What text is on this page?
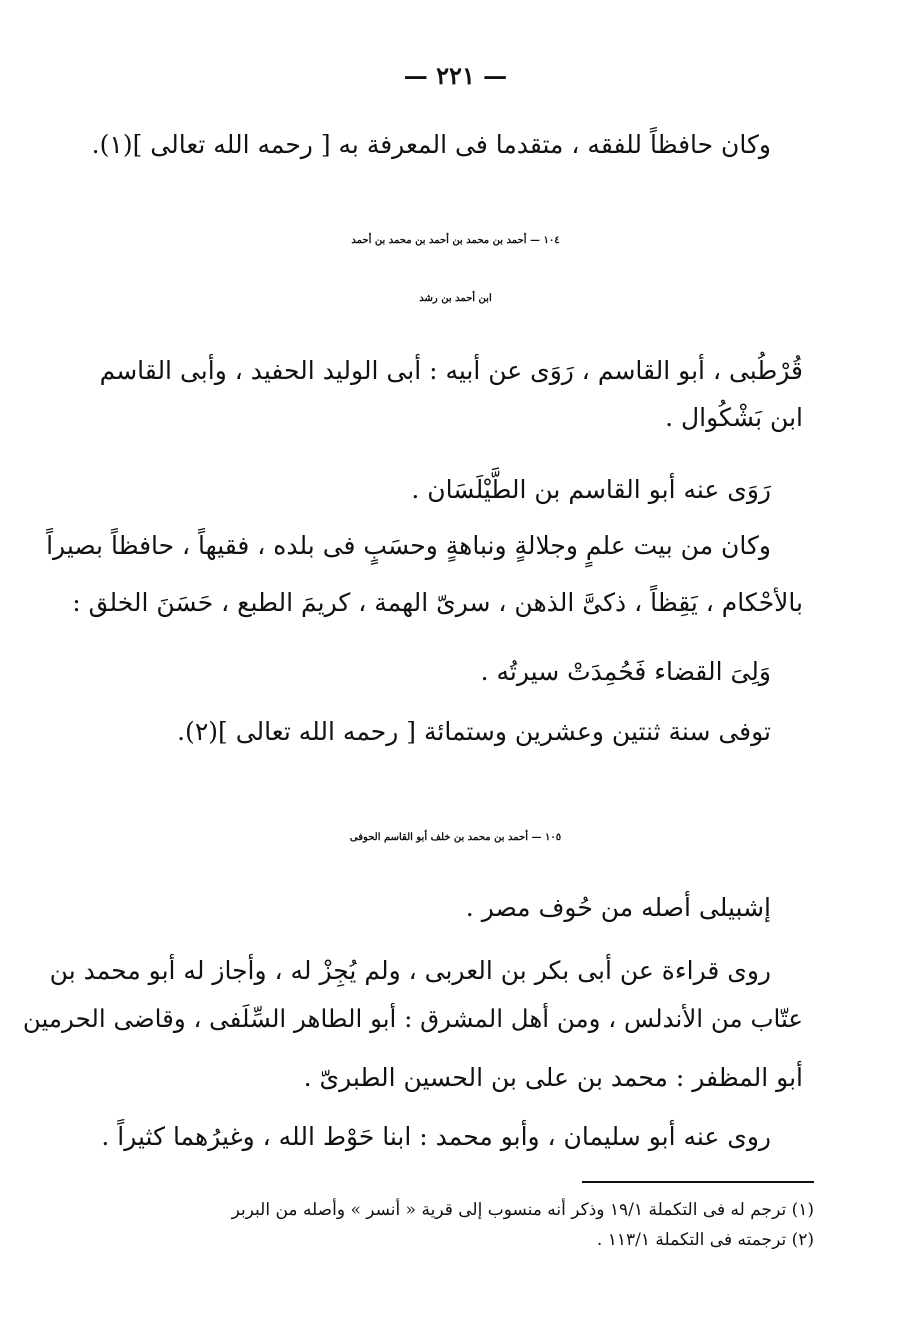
— ٢٢١ —
وكان حافظاً للفقه ، متقدما فى المعرفة به [ رحمه الله تعالى ](١).
١٠٤ — أحمد بن محمد بن أحمد بن محمد بن أحمد
ابن أحمد بن رشد
قُرْطُبى ، أبو القاسم ، رَوَى عن أبيه : أبى الوليد الحفيد ، وأبى القاسم
ابن بَشْكُوال .
رَوَى عنه أبو القاسم بن الطَّيْلَسَان .
وكان من بيت علمٍ وجلالةٍ ونباهةٍ وحسَبٍ فى بلده ، فقيهاً ، حافظاً بصيراً
بالأحْكام ، يَقِظاً ، ذكىَّ الذهن ، سرىّ الهمة ، كريمَ الطبع ، حَسَنَ الخلق :
وَلِىَ القضاء فَحُمِدَتْ سيرتُه .
توفى سنة ثنتين وعشرين وستمائة [ رحمه الله تعالى ](٢).
١٠٥ — أحمد بن محمد بن خلف أبو القاسم الحوفى
إشبيلى أصله من حُوف مصر .
روى قراءة عن أبى بكر بن العربى ، ولم يُجِزْ له ، وأجاز له أبو محمد بن
عتّاب من الأندلس ، ومن أهل المشرق : أبو الطاهر السِّلَفى ، وقاضى الحرمين
أبو المظفر : محمد بن على بن الحسين الطبرىّ .
روى عنه أبو سليمان ، وأبو محمد : ابنا حَوْط الله ، وغيرُهما كثيراً .
(١) ترجم له فى التكملة ١٩/١ وذكر أنه منسوب إلى قرية « أنسر » وأصله من البربر
(٢) ترجمته فى التكملة ١١٣/١ .
